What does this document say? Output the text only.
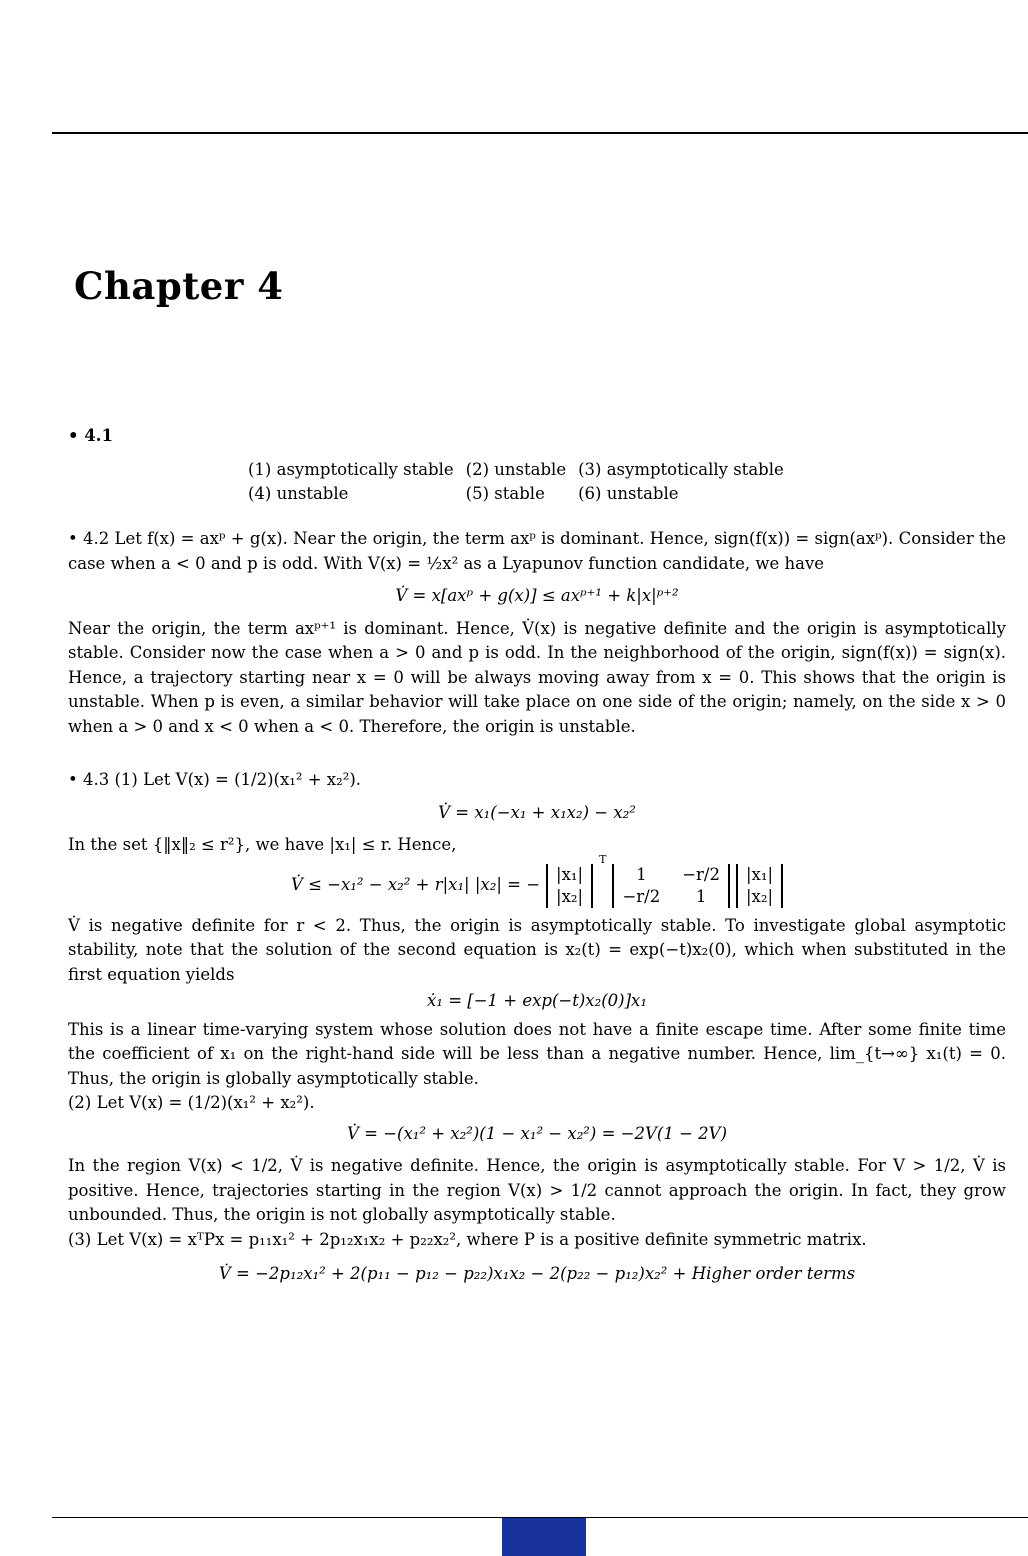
Chapter 4

• 4.1

(1) asymptotically stable	(2) unstable	(3) asymptotically stable
(4) unstable	(5) stable	(6) unstable

• 4.2 Let f(x) = axᵖ + g(x). Near the origin, the term axᵖ is dominant. Hence, sign(f(x)) = sign(axᵖ). Consider the case when a < 0 and p is odd. With V(x) = ½x² as a Lyapunov function candidate, we have

V̇ = x[axᵖ + g(x)] ≤ axᵖ⁺¹ + k|x|ᵖ⁺²

Near the origin, the term axᵖ⁺¹ is dominant. Hence, V̇(x) is negative definite and the origin is asymptotically stable. Consider now the case when a > 0 and p is odd. In the neighborhood of the origin, sign(f(x)) = sign(x). Hence, a trajectory starting near x = 0 will be always moving away from x = 0. This shows that the origin is unstable. When p is even, a similar behavior will take place on one side of the origin; namely, on the side x > 0 when a > 0 and x < 0 when a < 0. Therefore, the origin is unstable.

• 4.3 (1) Let V(x) = (1/2)(x₁² + x₂²).

V̇ = x₁(−x₁ + x₁x₂) − x₂²

In the set {‖x‖₂ ≤ r²}, we have |x₁| ≤ r. Hence,

V̇ ≤ −x₁² − x₂² + r|x₁| |x₂| = −
|x₁|
|x₂|
T
1	−r/2
−r/2	1
|x₁|
|x₂|

V̇ is negative definite for r < 2. Thus, the origin is asymptotically stable. To investigate global asymptotic stability, note that the solution of the second equation is x₂(t) = exp(−t)x₂(0), which when substituted in the first equation yields

ẋ₁ = [−1 + exp(−t)x₂(0)]x₁

This is a linear time-varying system whose solution does not have a finite escape time. After some finite time the coefficient of x₁ on the right-hand side will be less than a negative number. Hence, lim_{t→∞} x₁(t) = 0. Thus, the origin is globally asymptotically stable.

(2) Let V(x) = (1/2)(x₁² + x₂²).

V̇ = −(x₁² + x₂²)(1 − x₁² − x₂²) = −2V(1 − 2V)

In the region V(x) < 1/2, V̇ is negative definite. Hence, the origin is asymptotically stable. For V > 1/2, V̇ is positive. Hence, trajectories starting in the region V(x) > 1/2 cannot approach the origin. In fact, they grow unbounded. Thus, the origin is not globally asymptotically stable.

(3) Let V(x) = xᵀPx = p₁₁x₁² + 2p₁₂x₁x₂ + p₂₂x₂², where P is a positive definite symmetric matrix.

V̇ = −2p₁₂x₁² + 2(p₁₁ − p₁₂ − p₂₂)x₁x₂ − 2(p₂₂ − p₁₂)x₂² + Higher order terms
